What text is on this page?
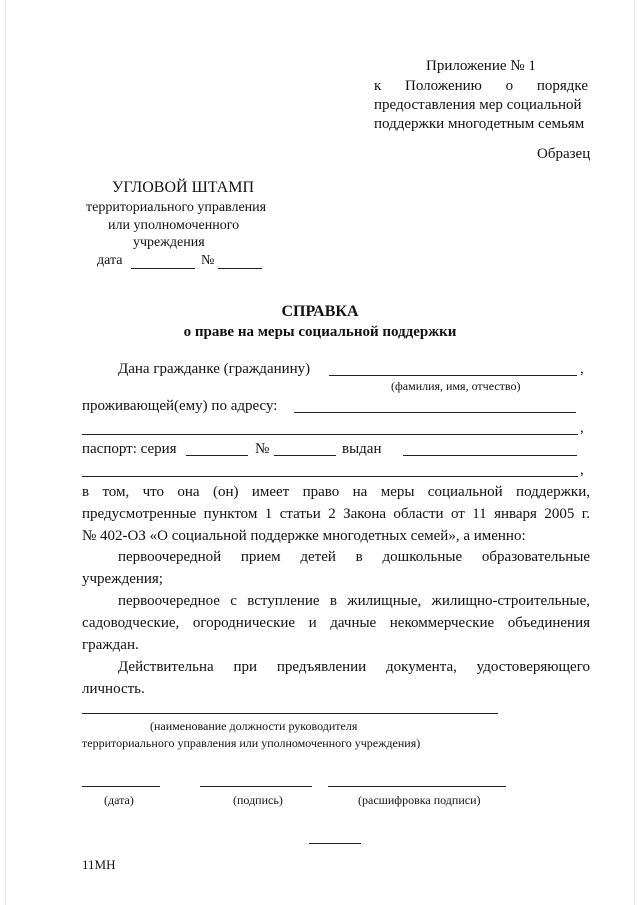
Приложение № 1
к Положению о порядке
предоставления мер социальной
поддержки многодетным семьям
Образец
УГЛОВОЙ ШТАМП
территориального управления
или уполномоченного
учреждения
дата	№
СПРАВКА
о праве на меры социальной поддержки
Дана гражданке (гражданину)	,
(фамилия, имя, отчество)
проживающей(ему) по адресу:
,
паспорт: серия	№	выдан
,
в том, что она (он) имеет право на меры социальной поддержки,
предусмотренные пунктом 1 статьи 2 Закона области от 11 января 2005 г.
№ 402-ОЗ «О социальной поддержке многодетных семей», а именно:
первоочередной прием детей в дошкольные образовательные
учреждения;
первоочередное с вступление в жилищные, жилищно-строительные,
садоводческие, огороднические и дачные некоммерческие объединения
граждан.
Действительна при предъявлении документа, удостоверяющего
личность.
(наименование должности руководителя
территориального управления или уполномоченного учреждения)
(дата)	(подпись)	(расшифровка подписи)
11МН
